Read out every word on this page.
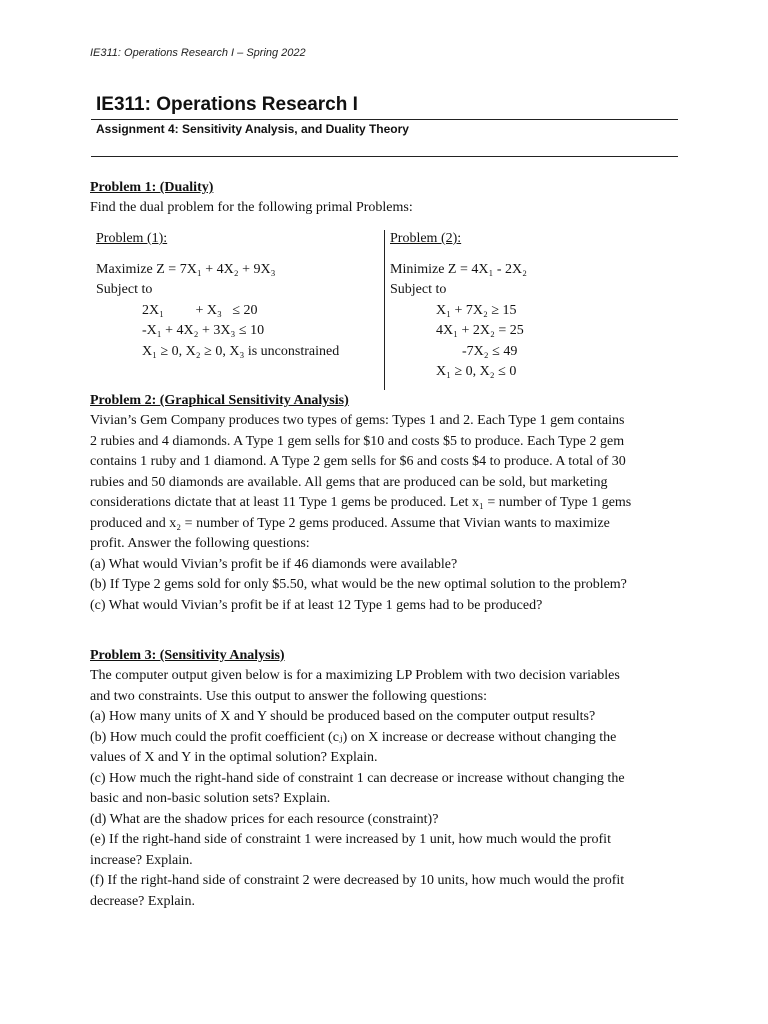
IE311: Operations Research I – Spring 2022
IE311: Operations Research I
Assignment 4: Sensitivity Analysis, and Duality Theory
Problem 1: (Duality)
Find the dual problem for the following primal Problems:
Problem (1):
Maximize Z = 7X₁ + 4X₂ + 9X₃
Subject to
2X₁         + X₃   ≤ 20
-X₁ + 4X₂ + 3X₃ ≤ 10
X₁ ≥ 0, X₂ ≥ 0, X₃ is unconstrained
Problem (2):
Minimize Z = 4X₁ - 2X₂
Subject to
X₁ + 7X₂ ≥ 15
4X₁ + 2X₂ = 25
-7X₂ ≤ 49
X₁ ≥ 0, X₂ ≤ 0
Problem 2: (Graphical Sensitivity Analysis)
Vivian’s Gem Company produces two types of gems: Types 1 and 2. Each Type 1 gem contains
2 rubies and 4 diamonds. A Type 1 gem sells for $10 and costs $5 to produce. Each Type 2 gem
contains 1 ruby and 1 diamond. A Type 2 gem sells for $6 and costs $4 to produce. A total of 30
rubies and 50 diamonds are available. All gems that are produced can be sold, but marketing
considerations dictate that at least 11 Type 1 gems be produced. Let x₁ = number of Type 1 gems
produced and x₂ = number of Type 2 gems produced. Assume that Vivian wants to maximize
profit. Answer the following questions:
(a) What would Vivian’s profit be if 46 diamonds were available?
(b) If Type 2 gems sold for only $5.50, what would be the new optimal solution to the problem?
(c) What would Vivian’s profit be if at least 12 Type 1 gems had to be produced?
Problem 3: (Sensitivity Analysis)
The computer output given below is for a maximizing LP Problem with two decision variables
and two constraints. Use this output to answer the following questions:
(a) How many units of X and Y should be produced based on the computer output results?
(b) How much could the profit coefficient (cⱼ) on X increase or decrease without changing the
values of X and Y in the optimal solution? Explain.
(c) How much the right-hand side of constraint 1 can decrease or increase without changing the
basic and non-basic solution sets? Explain.
(d) What are the shadow prices for each resource (constraint)?
(e) If the right-hand side of constraint 1 were increased by 1 unit, how much would the profit
increase? Explain.
(f) If the right-hand side of constraint 2 were decreased by 10 units, how much would the profit
decrease? Explain.
